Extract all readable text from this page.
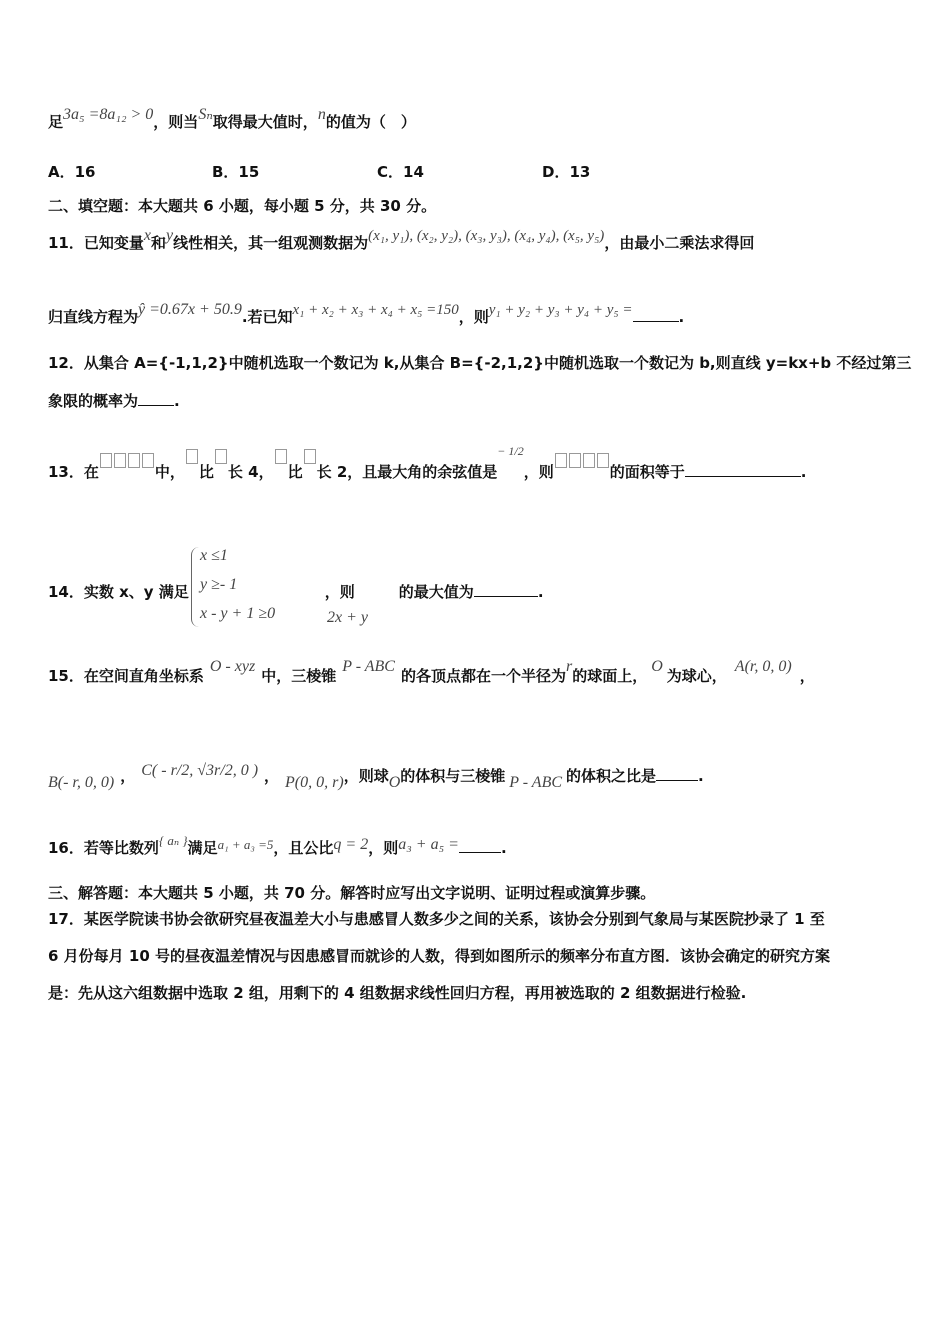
足3a₅ =8a₁₂ > 0，则当Sₙ取得最大值时，n的值为（　）
A．16	B．15	C．14	D．13
二、填空题：本大题共 6 小题，每小题 5 分，共 30 分。
11．已知变量x和y线性相关，其一组观测数据为(x₁, y₁), (x₂, y₂), (x₃, y₃), (x₄, y₄), (x₅, y₅)，由最小二乘法求得回
归直线方程为ŷ =0.67x + 50.9.若已知x₁ + x₂ + x₃ + x₄ + x₅ =150，则y₁ + y₂ + y₃ + y₄ + y₅ =	.
12．从集合 A={-1,1,2}中随机选取一个数记为 k,从集合 B={-2,1,2}中随机选取一个数记为 b,则直线 y=kx+b 不经过第三
象限的概率为 .
13．在	中， 比 长 4， 比 长 2，且最大角的余弦值是$^{- 1/2}$，则	的面积等于	.
x ≤1
y ≥- 1
x - y + 1 ≥0
14．实数 x、y 满足	，则	的最大值为	.
2x + y
15．在空间直角坐标系O - xyz中，三棱锥P - ABC的各顶点都在一个半径为r的球面上，O为球心，A(r, 0, 0)，
B(- r, 0, 0) ， C( - r/2, √3r/2, 0 ) ， P(0, 0, r)，则球O的体积与三棱锥 P - ABC 的体积之比是	.
16．若等比数列{ aₙ }满足a₁ + a₃ =5，且公比q = 2，则a₃ + a₅ =	.
三、解答题：本大题共 5 小题，共 70 分。解答时应写出文字说明、证明过程或演算步骤。
17．某医学院读书协会欲研究昼夜温差大小与患感冒人数多少之间的关系，该协会分别到气象局与某医院抄录了 1 至
6 月份每月 10 号的昼夜温差情况与因患感冒而就诊的人数，得到如图所示的频率分布直方图．该协会确定的研究方案
是：先从这六组数据中选取 2 组，用剩下的 4 组数据求线性回归方程，再用被选取的 2 组数据进行检验.
